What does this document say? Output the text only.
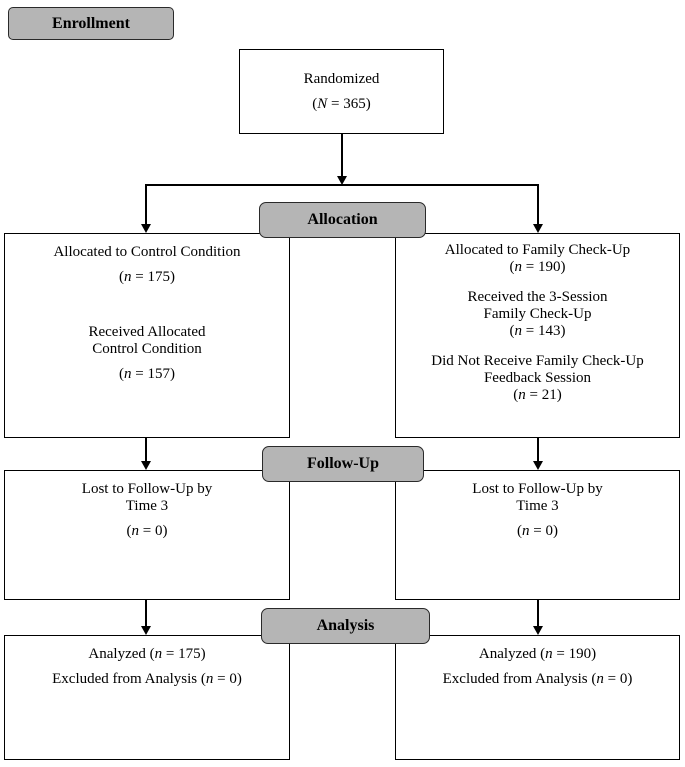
Enrollment
Randomized
(N = 365)
Allocation
Allocated to Control Condition
(n = 175)
Received Allocated
Control Condition
(n = 157)
Allocated to Family Check-Up
(n = 190)
Received the 3-Session
Family Check-Up
(n = 143)
Did Not Receive Family Check-Up
Feedback Session
(n = 21)
Follow-Up
Lost to Follow-Up by
Time 3
(n = 0)
Lost to Follow-Up by
Time 3
(n = 0)
Analysis
Analyzed (n = 175)
Excluded from Analysis (n = 0)
Analyzed (n = 190)
Excluded from Analysis (n = 0)
